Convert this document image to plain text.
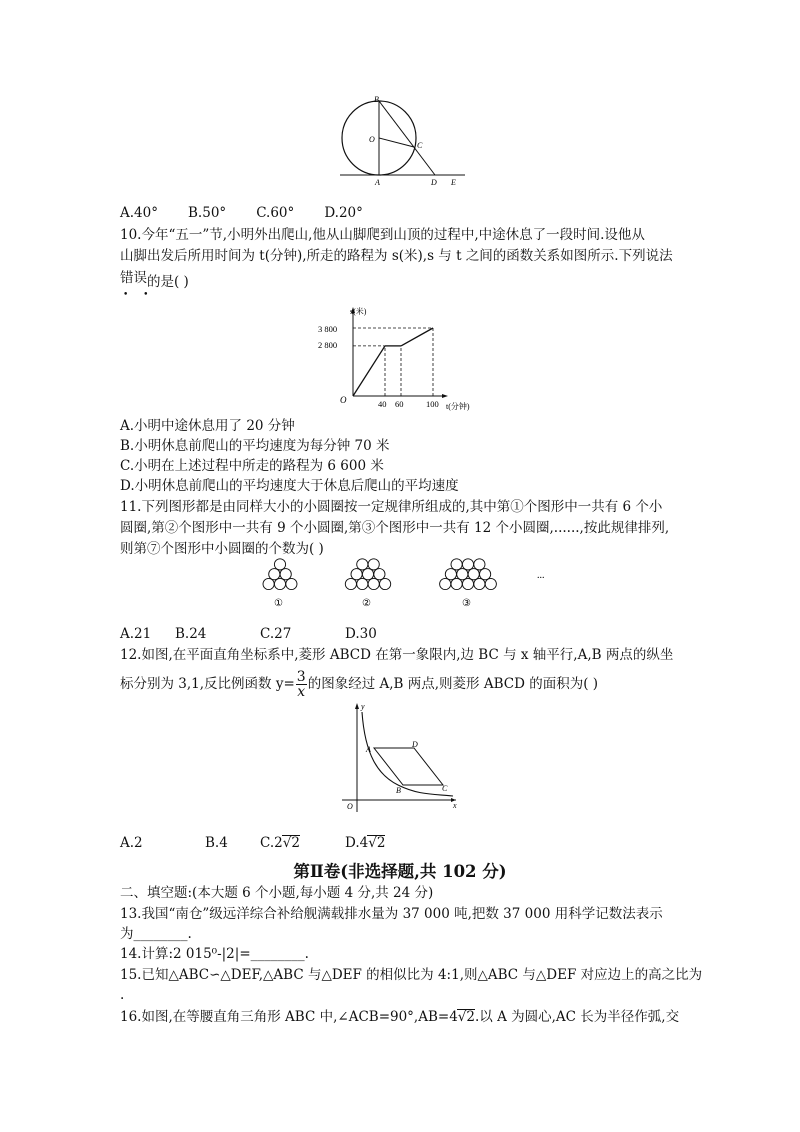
B
O
C
A	D E
A.40° B.50° C.60° D.20°
10.今年“五一”节,小明外出爬山,他从山脚爬到山顶的过程中,中途休息了一段时间.设他从
山脚出发后所用时间为 t(分钟),所走的路程为 s(米),s 与 t 之间的函数关系如图所示.下列说法
错误
• •
的是( )
s(米)
t(分钟)
O
3 800
2 800
40 60	100
A.小明中途休息用了 20 分钟
B.小明休息前爬山的平均速度为每分钟 70 米
C.小明在上述过程中所走的路程为 6 600 米
D.小明休息前爬山的平均速度大于休息后爬山的平均速度
11.下列图形都是由同样大小的小圆圈按一定规律所组成的,其中第①个图形中一共有 6 个小
圆圈,第②个图形中一共有 9 个小圆圈,第③个图形中一共有 12 个小圆圈,......,按此规律排列,
则第⑦个图形中小圆圈的个数为( )
①	②	③
...
A.21 B.24	C.27	D.30
12.如图,在平面直角坐标系中,菱形 ABCD 在第一象限内,边 BC 与 x 轴平行,A,B 两点的纵坐
标分别为 3,1,反比例函数 $y= \frac{3}{x}$ 的图象经过 A,B 两点,则菱形 ABCD 的面积为( )
y
x
O
A
D
B	C
A.2	B.4 C.2√2	D.4√2
第Ⅱ卷(非选择题,共 102 分)
二、填空题:(本大题 6 个小题,每小题 4 分,共 24 分)
13.我国“南仓”级远洋综合补给舰满载排水量为 37 000 吨,把数 37 000 用科学记数法表示
为________.
14.计算:2 015⁰-|2|=________.
15.已知△ABC∽△DEF,△ABC 与△DEF 的相似比为 4:1,则△ABC 与△DEF 对应边上的高之比为
.
16.如图,在等腰直角三角形 ABC 中,∠ACB=90°,AB=4√2.以 A 为圆心,AC 长为半径作弧,交
